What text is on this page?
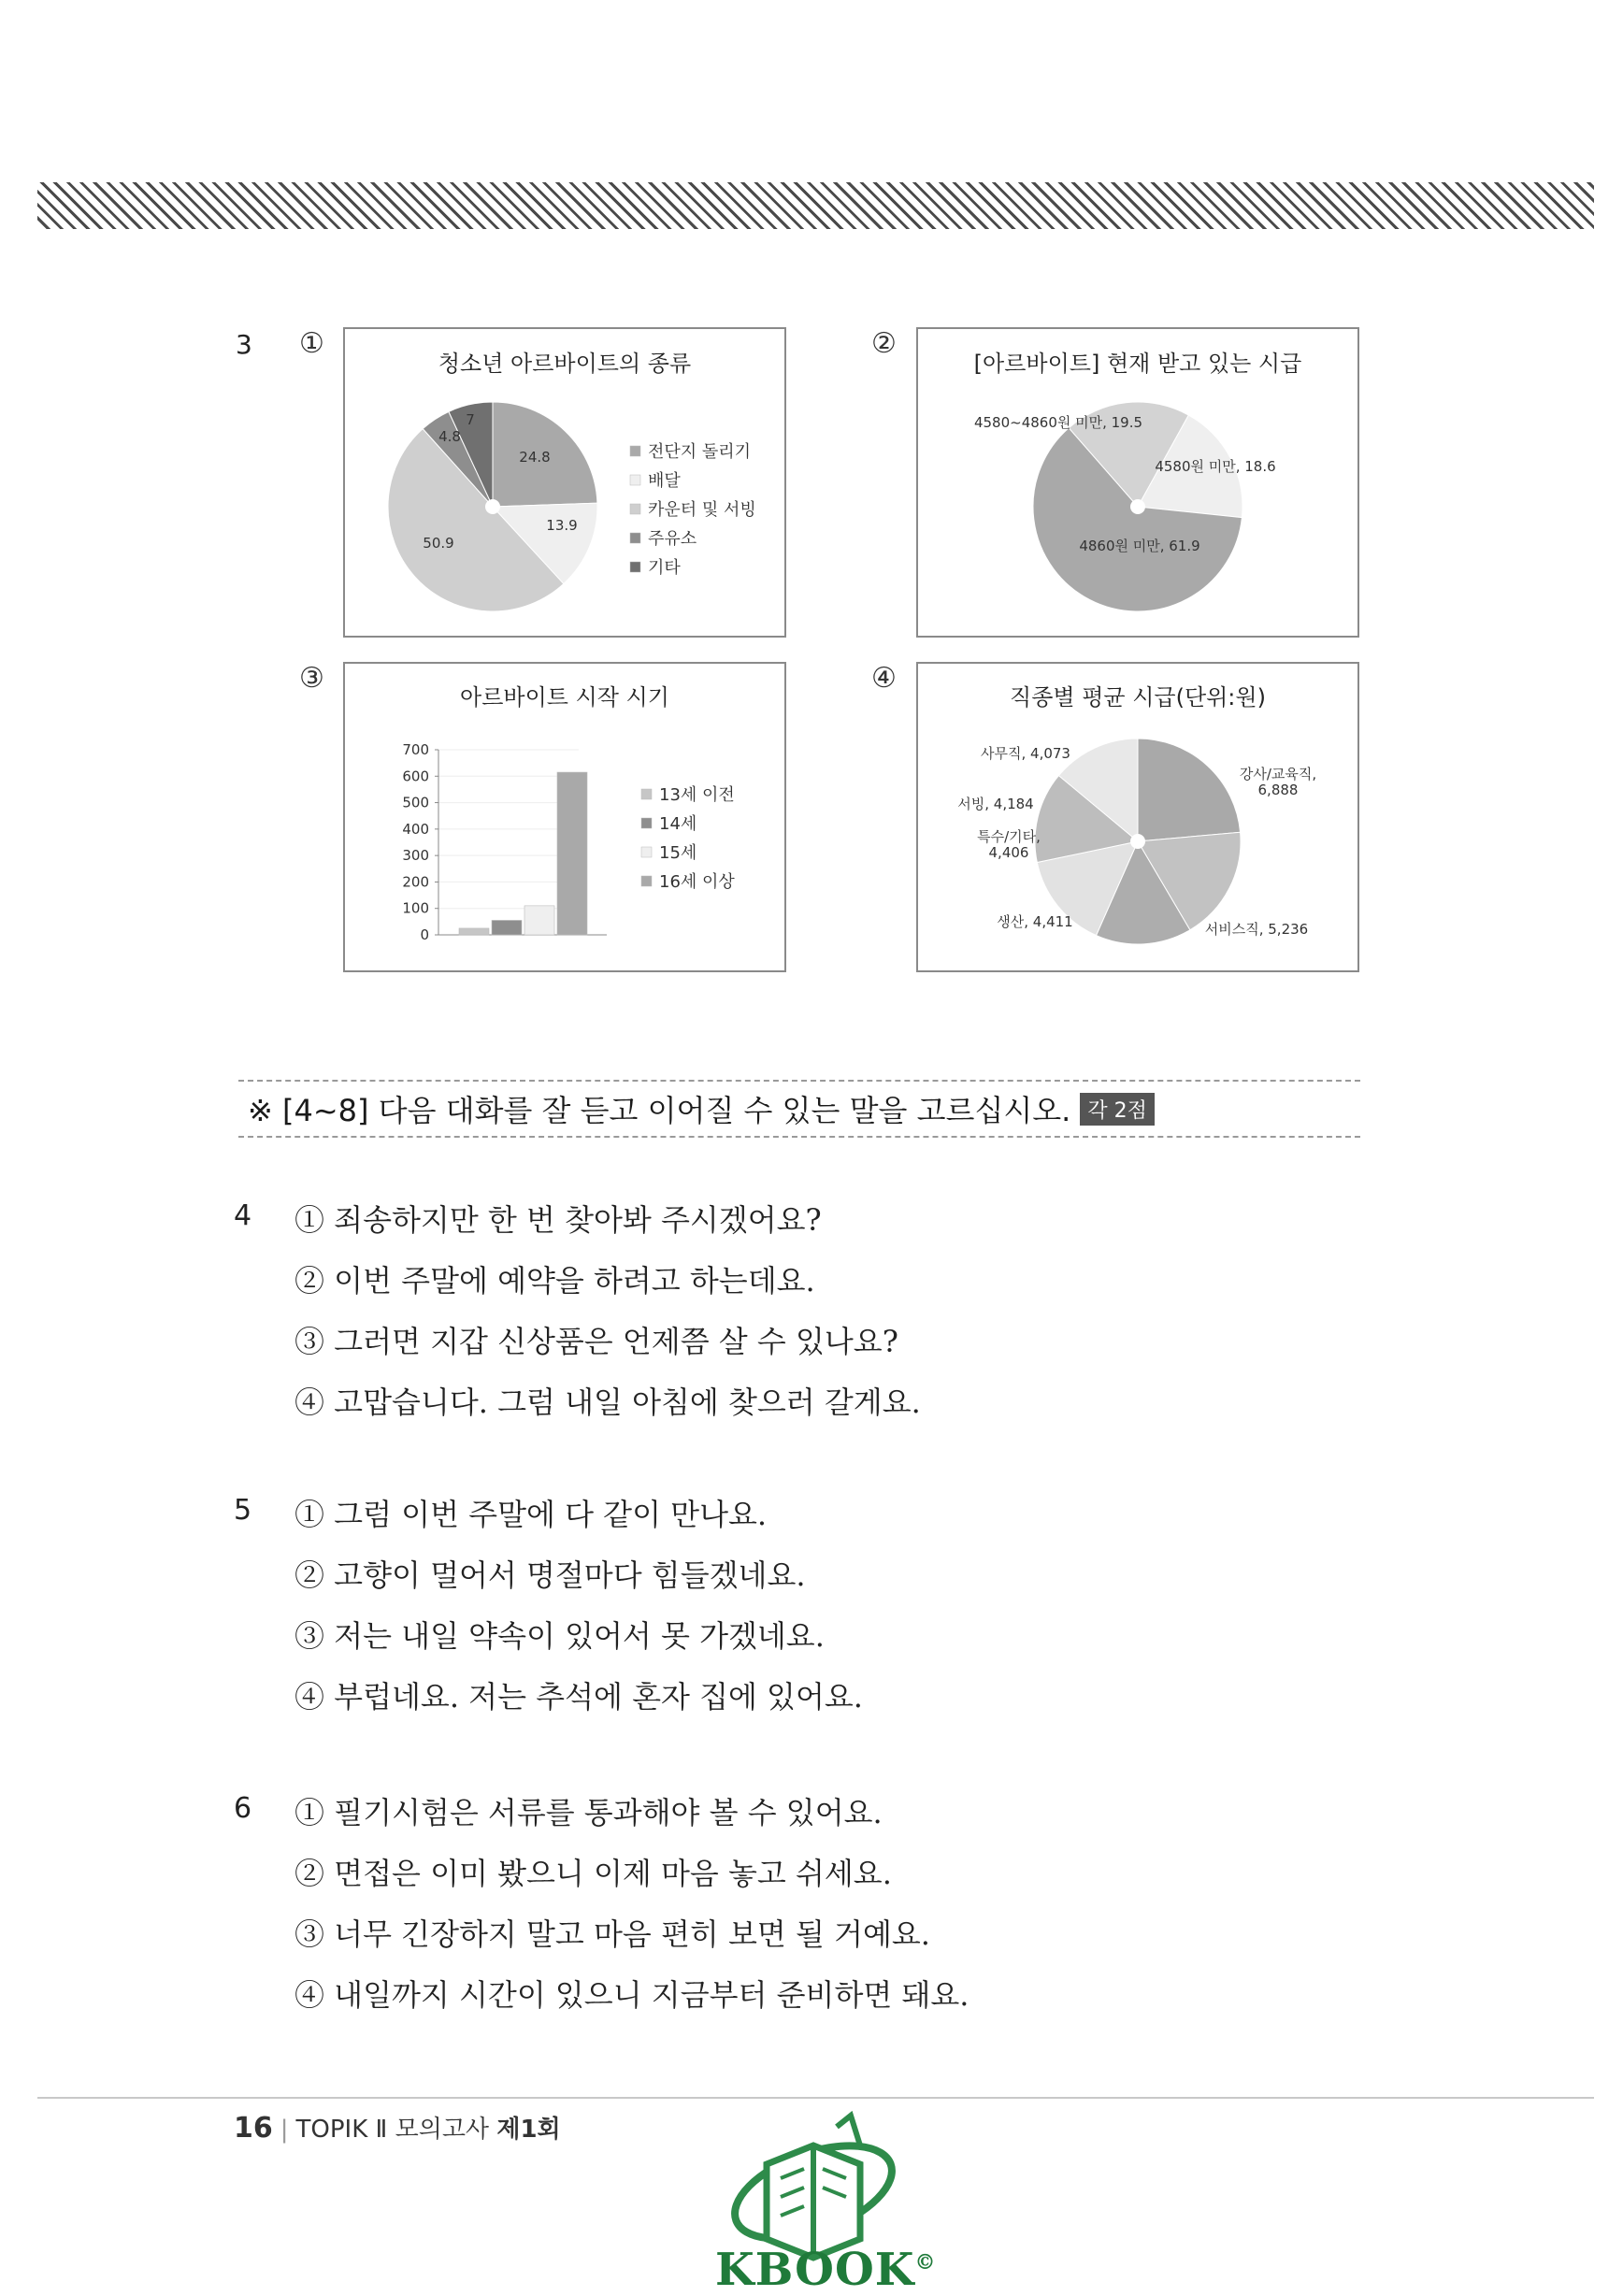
3 ①	②
③	④
청소년 아르바이트의 종류
24.8
13.9
50.9
4.8
7
전단지 돌리기
배달
카운터 및 서빙
주유소
기타
[아르바이트] 현재 받고 있는 시급
4580원 미만, 18.6
4860원 미만, 61.9
4580~4860원 미만, 19.5
아르바이트 시작 시기
0
100
200
300
400
500
600
700
13세 이전
14세
15세
16세 이상
직종별 평균 시급(단위:원)
강사/교육직, 6,888
서비스직, 5,236
생산, 4,411
특수/기타, 4,406
서빙, 4,184
사무직, 4,073
※ [4~8] 다음 대화를 잘 듣고 이어질 수 있는 말을 고르십시오. 각 2점
4 ① 죄송하지만 한 번 찾아봐 주시겠어요?
② 이번 주말에 예약을 하려고 하는데요.
③ 그러면 지갑 신상품은 언제쯤 살 수 있나요?
④ 고맙습니다. 그럼 내일 아침에 찾으러 갈게요.
5 ① 그럼 이번 주말에 다 같이 만나요.
② 고향이 멀어서 명절마다 힘들겠네요.
③ 저는 내일 약속이 있어서 못 가겠네요.
④ 부럽네요. 저는 추석에 혼자 집에 있어요.
6 ① 필기시험은 서류를 통과해야 볼 수 있어요.
② 면접은 이미 봤으니 이제 마음 놓고 쉬세요.
③ 너무 긴장하지 말고 마음 편히 보면 될 거예요.
④ 내일까지 시간이 있으니 지금부터 준비하면 돼요.
16 | TOPIK Ⅱ 모의고사 제1회
KBOOK©
